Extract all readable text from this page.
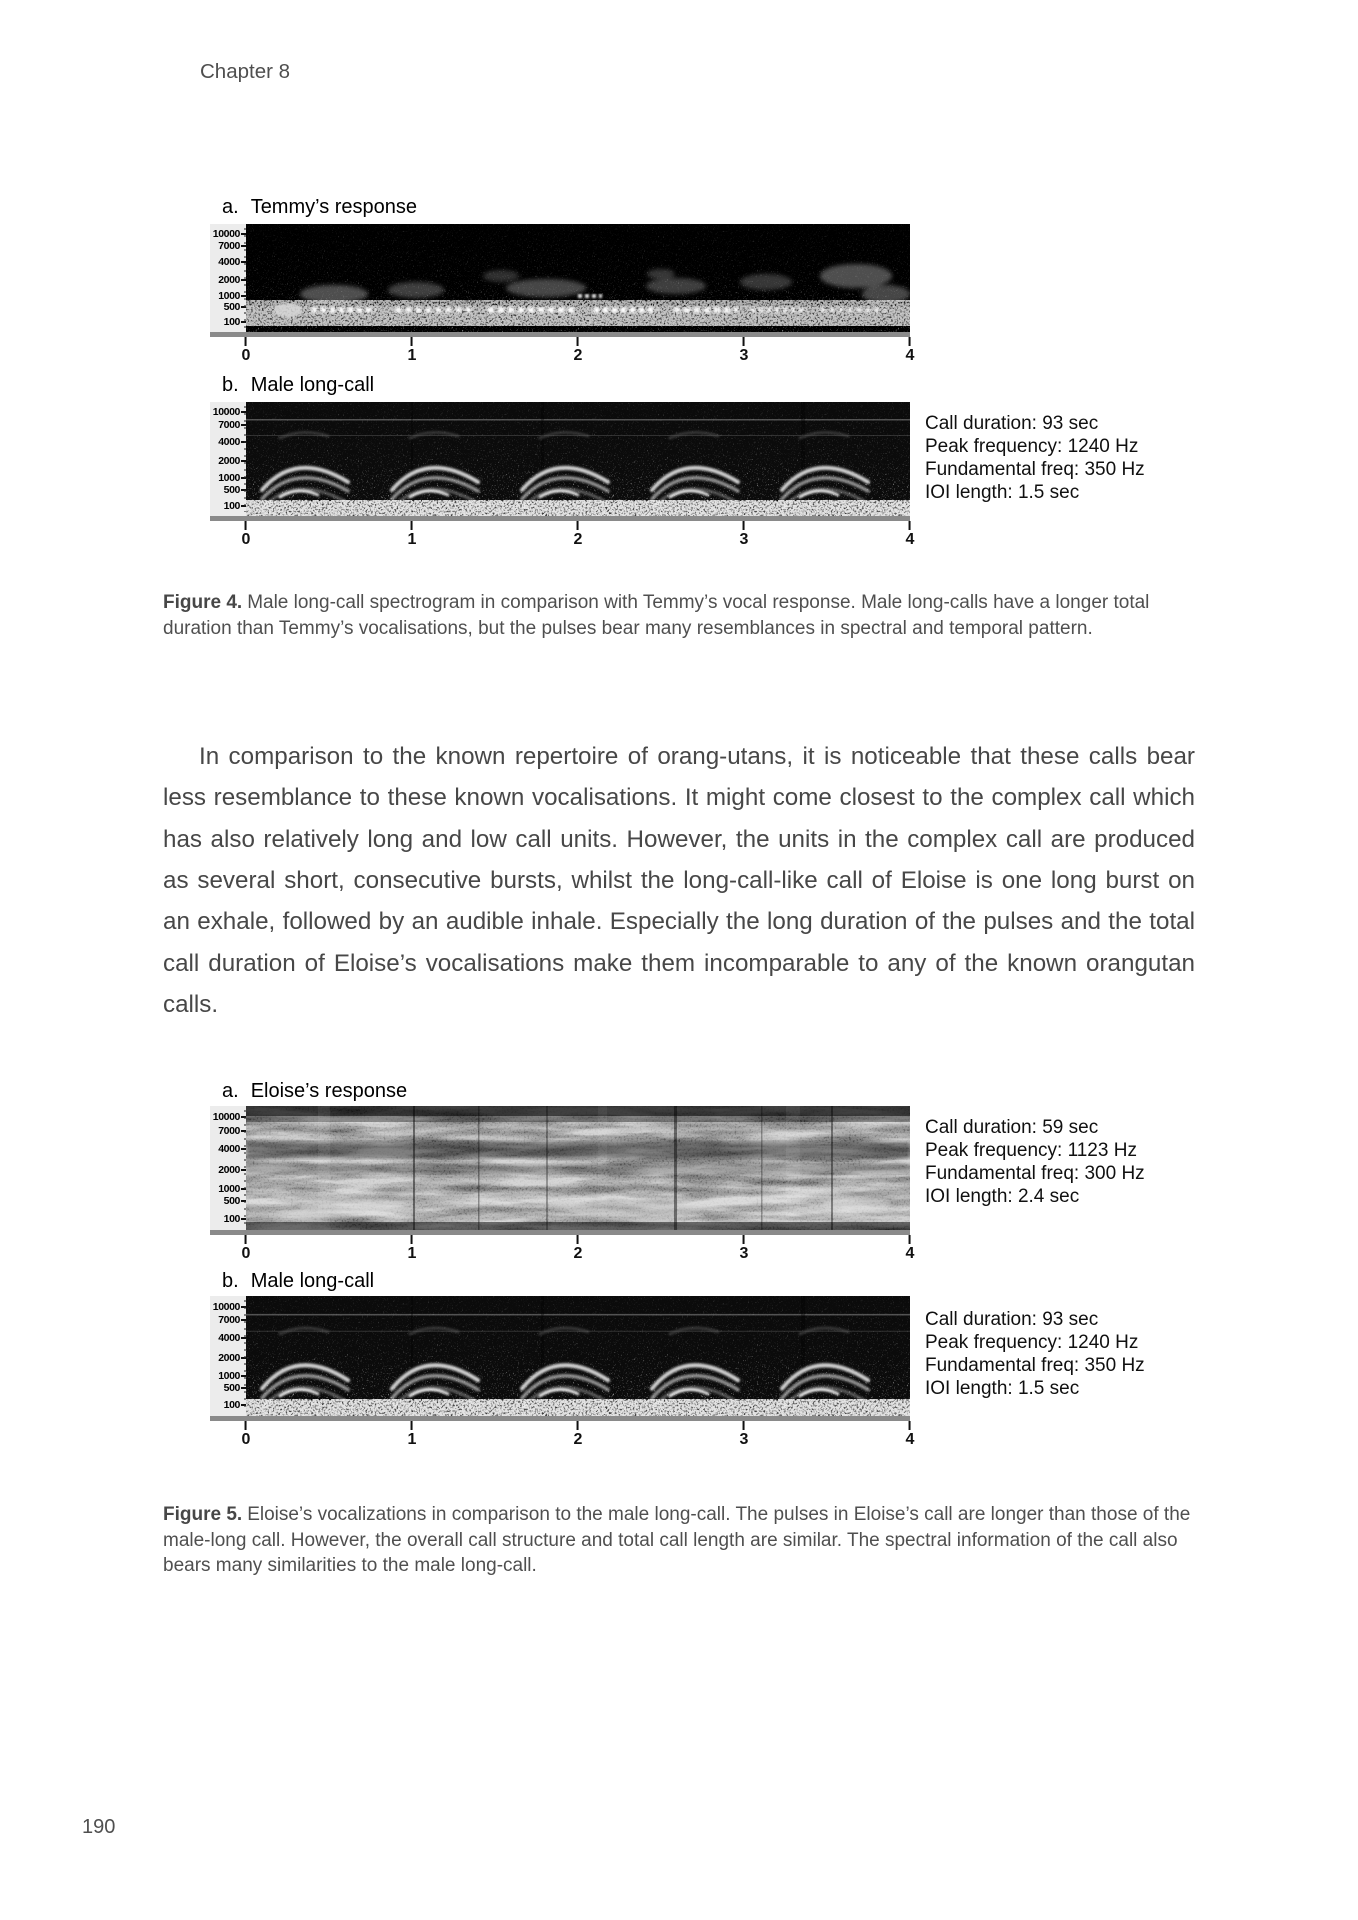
Chapter 8
a. Temmy’s response
10000
7000
4000
2000
1000
500
100
0	1	2	3	4
b. Male long-call
10000
7000
4000
2000
1000
500
100
0	1	2	3	4
Call duration: 93 sec
Peak frequency: 1240 Hz
Fundamental freq: 350 Hz
IOI length: 1.5 sec
Figure 4. Male long-call spectrogram in comparison with Temmy’s vocal response. Male long-calls have a longer total duration than Temmy’s vocalisations, but the pulses bear many resemblances in spectral and temporal pattern.

In comparison to the known repertoire of orang-utans, it is noticeable that these calls bear less resemblance to these known vocalisations. It might come closest to the complex call which has also relatively long and low call units. However, the units in the complex call are produced as several short, consecutive bursts, whilst the long-call-like call of Eloise is one long burst on an exhale, followed by an audible inhale. Especially the long duration of the pulses and the total call duration of Eloise’s vocalisations make them incomparable to any of the known orangutan calls.

a. Eloise’s response
10000
7000
4000
2000
1000
500
100
0	1	2	3	4
Call duration: 59 sec
Peak frequency: 1123 Hz
Fundamental freq: 300 Hz
IOI length: 2.4 sec
b. Male long-call
10000
7000
4000
2000
1000
500
100
0	1	2	3	4
Call duration: 93 sec
Peak frequency: 1240 Hz
Fundamental freq: 350 Hz
IOI length: 1.5 sec
Figure 5. Eloise’s vocalizations in comparison to the male long-call. The pulses in Eloise’s call are longer than those of the male-long call. However, the overall call structure and total call length are similar. The spectral information of the call also bears many similarities to the male long-call.
190
